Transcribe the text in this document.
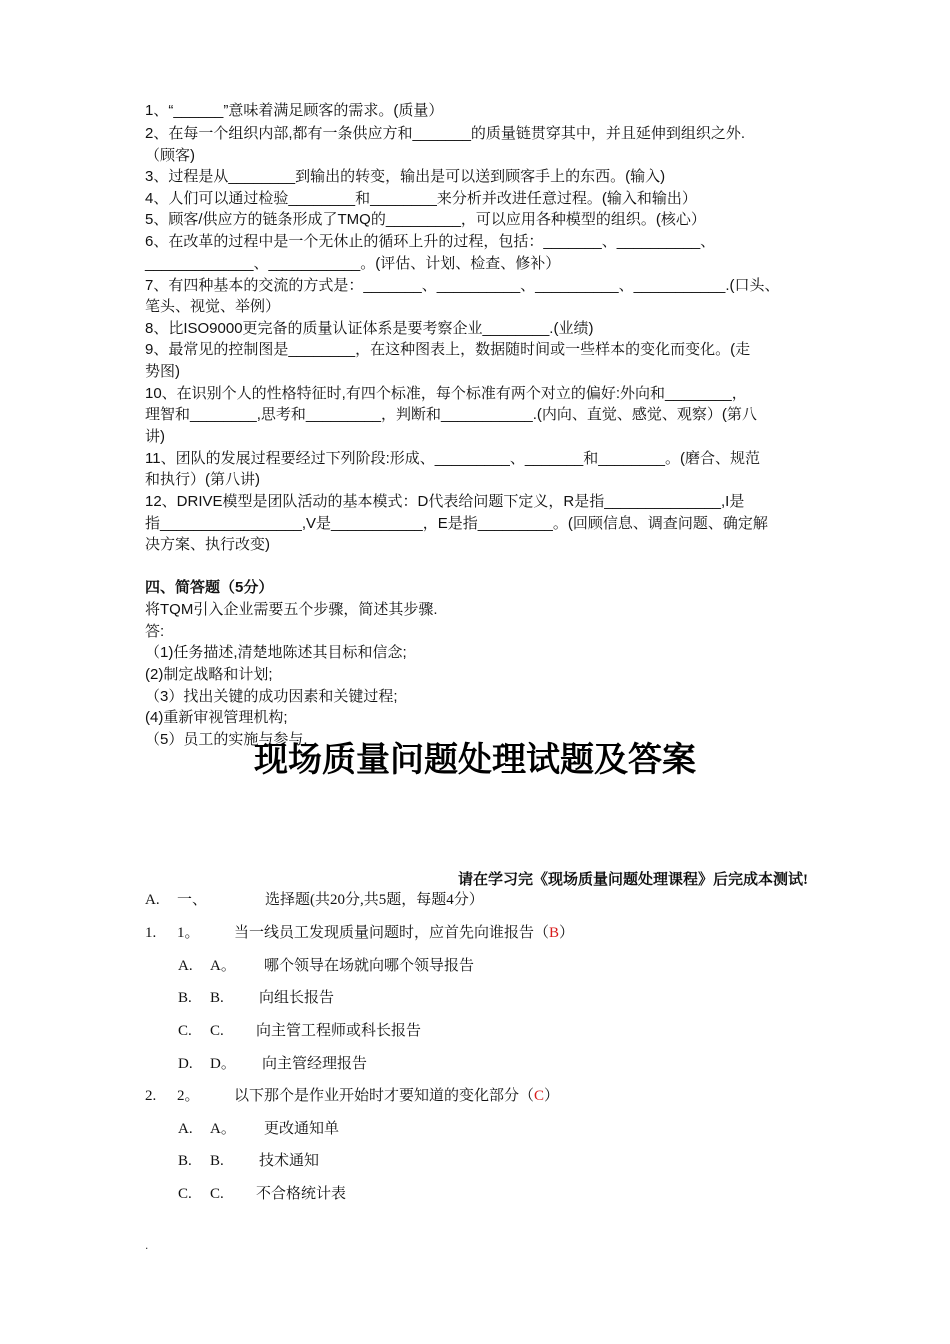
1、“______”意味着满足顾客的需求。(质量）
2、在每一个组织内部,都有一条供应方和_______的质量链贯穿其中，并且延伸到组织之外.
（顾客)
3、过程是从________到输出的转变，输出是可以送到顾客手上的东西。(输入)
4、人们可以通过检验________和________来分析并改进任意过程。(输入和输出）
5、顾客/供应方的链条形成了TMQ的_________，可以应用各种模型的组织。(核心）
6、在改革的过程中是一个无休止的循环上升的过程，包括：_______、__________、
_____________、___________。(评估、计划、检查、修补）
7、有四种基本的交流的方式是：_______、__________、__________、___________.(口头、
笔头、视觉、举例）
8、比ISO9000更完备的质量认证体系是要考察企业________.(业绩)
9、最常见的控制图是________，在这种图表上，数据随时间或一些样本的变化而变化。(走
势图)
10、在识别个人的性格特征时,有四个标准，每个标准有两个对立的偏好:外向和________，
理智和________,思考和_________，判断和___________.(内向、直觉、感觉、观察）(第八
讲)
11、团队的发展过程要经过下列阶段:形成、_________、_______和________。(磨合、规范
和执行）(第八讲)
12、DRIVE模型是团队活动的基本模式：D代表给问题下定义，R是指______________,I是
指_________________,V是___________，E是指_________。(回顾信息、调查问题、确定解
决方案、执行改变)
四、简答题（5分）
将TQM引入企业需要五个步骤，简述其步骤.
答:
（1)任务描述,清楚地陈述其目标和信念;
(2)制定战略和计划;
（3）找出关键的成功因素和关键过程;
(4)重新审视管理机构;
（5）员工的实施与参与.
现场质量问题处理试题及答案
请在学习完《现场质量问题处理课程》后完成本测试!
A. 一、	选择题(共20分,共5题，每题4分）
1. 1。 当一线员工发现质量问题时，应首先向谁报告（B）
A. A。 哪个领导在场就向哪个领导报告
B. B. 向组长报告
C. C. 向主管工程师或科长报告
D. D。 向主管经理报告
2. 2。 以下那个是作业开始时才要知道的变化部分（C）
A. A。 更改通知单
B. B. 技术通知
C. C. 不合格统计表
.
